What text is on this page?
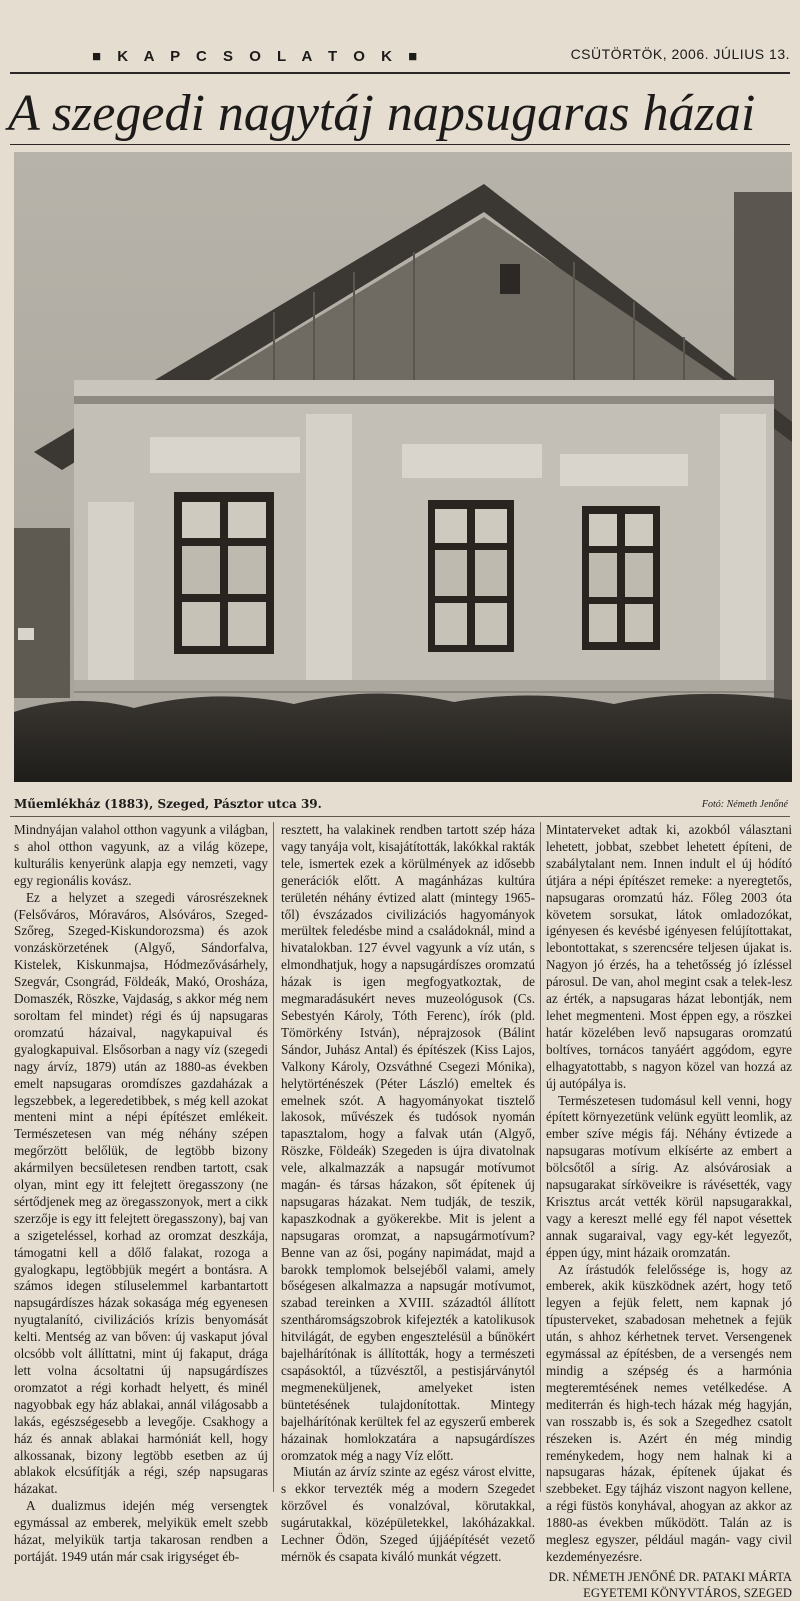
■ K A P C S O L A T O K ■	CSÜTÖRTÖK, 2006. JÚLIUS 13.
A szegedi nagytáj napsugaras házai
Műemlékház (1883), Szeged, Pásztor utca 39.	Fotó: Németh Jenőné

Mindnyájan valahol otthon vagyunk a világban, s ahol otthon vagyunk, az a világ közepe, kulturális kenyerünk alapja egy nemzeti, vagy egy regionális kovász.

Ez a helyzet a szegedi városrészeknek (Felsőváros, Móraváros, Alsóváros, Szeged-Szőreg, Szeged-Kiskundorozsma) és azok vonzáskörzetének (Algyő, Sándorfalva, Kistelek, Kiskunmajsa, Hódmezővásárhely, Szegvár, Csongrád, Földeák, Makó, Orosháza, Domaszék, Röszke, Vajdaság, s akkor még nem soroltam fel mindet) régi és új napsugaras oromzatú házaival, nagykapuival és gyalogkapuival. Elsősorban a nagy víz (szegedi nagy árvíz, 1879) után az 1880-as években emelt napsugaras oromdíszes gazdaházak a legszebbek, a legeredetibbek, s még kell azokat menteni mint a népi építészet emlékeit. Természetesen van még néhány szépen megőrzött belőlük, de legtöbb bizony akármilyen becsületesen rendben tartott, csak olyan, mint egy itt felejtett öregasszony (ne sértődjenek meg az öregasszonyok, mert a cikk szerzője is egy itt felejtett öregasszony), baj van a szigeteléssel, korhad az oromzat deszkája, támogatni kell a dőlő falakat, rozoga a gyalogkapu, legtöbbjük megért a bontásra. A számos idegen stíluselemmel karbantartott napsugárdíszes házak sokasága még egyenesen nyugtalanító, civilizációs krízis benyomását kelti. Mentség az van bőven: új vaskaput jóval olcsóbb volt állíttatni, mint új fakaput, drága lett volna ácsoltatni új napsugárdíszes oromzatot a régi korhadt helyett, és minél nagyobbak egy ház ablakai, annál világosabb a lakás, egészségesebb a levegője. Csakhogy a ház és annak ablakai harmóniát kell, hogy alkossanak, bizony legtöbb esetben az új ablakok elcsúfítják a régi, szép napsugaras házakat.

A dualizmus idején még versengtek egymással az emberek, melyikük emelt szebb házat, melyikük tartja takarosan rendben a portáját. 1949 után már csak irigységet éb-

resztett, ha valakinek rendben tartott szép háza vagy tanyája volt, kisajátították, lakókkal rakták tele, ismertek ezek a körülmények az idősebb generációk előtt. A magánházas kultúra területén néhány évtized alatt (mintegy 1965-től) évszázados civilizációs hagyományok merültek feledésbe mind a családoknál, mind a hivatalokban. 127 évvel vagyunk a víz után, s elmondhatjuk, hogy a napsugárdíszes oromzatú házak is igen megfogyatkoztak, de megmaradásukért neves muzeológusok (Cs. Sebestyén Károly, Tóth Ferenc), írók (pld. Tömörkény István), néprajzosok (Bálint Sándor, Juhász Antal) és építészek (Kiss Lajos, Valkony Károly, Ozsváthné Csegezi Mónika), helytörténészek (Péter László) emeltek és emelnek szót. A hagyományokat tisztelő lakosok, művészek és tudósok nyomán tapasztalom, hogy a falvak után (Algyő, Röszke, Földeák) Szegeden is újra divatolnak vele, alkalmazzák a napsugár motívumot magán- és társas házakon, sőt építenek új napsugaras házakat. Nem tudják, de teszik, kapaszkodnak a gyökerekbe. Mit is jelent a napsugaras oromzat, a napsugármotívum? Benne van az ősi, pogány napimádat, majd a barokk templomok belsejéből valami, amely bőségesen alkalmazza a napsugár motívumot, szabad tereinken a XVIII. századtól állított szentháromságszobrok kifejezték a katolikusok hitvilágát, de egyben engesztelésül a bűnökért bajelhárítónak is állították, hogy a természeti csapásoktól, a tűzvésztől, a pestisjárványtól megmeneküljenek, amelyeket isten büntetésének tulajdonítottak. Mintegy bajelhárítónak kerültek fel az egyszerű emberek házainak homlokzatára a napsugárdíszes oromzatok még a nagy Víz előtt.

Miután az árvíz szinte az egész várost elvitte, s ekkor tervezték még a modern Szegedet körzővel és vonalzóval, körutakkal, sugárutakkal, középületekkel, lakóházakkal. Lechner Ödön, Szeged újjáépítését vezető mérnök és csapata kiváló munkát végzett.

Mintaterveket adtak ki, azokból választani lehetett, jobbat, szebbet lehetett építeni, de szabálytalant nem. Innen indult el új hódító útjára a népi építészet remeke: a nyeregtetős, napsugaras oromzatú ház. Főleg 2003 óta követem sorsukat, látok omladozókat, igényesen és kevésbé igényesen felújítottakat, lebontottakat, s szerencsére teljesen újakat is. Nagyon jó érzés, ha a tehetősség jó ízléssel párosul. De van, ahol megint csak a telek-lesz az érték, a napsugaras házat lebontják, nem lehet megmenteni. Most éppen egy, a röszkei határ közelében levő napsugaras oromzatú boltíves, tornácos tanyáért aggódom, egyre elhagyatottabb, s nagyon közel van hozzá az új autópálya is.

Természetesen tudomásul kell venni, hogy épített környezetünk velünk együtt leomlik, az ember szíve mégis fáj. Néhány évtizede a napsugaras motívum elkísérte az embert a bölcsőtől a sírig. Az alsóvárosiak a napsugarakat sírköveikre is rávésették, vagy Krisztus arcát vették körül napsugarakkal, vagy a kereszt mellé egy fél napot vésettek annak sugaraival, vagy egy-két legyezőt, éppen úgy, mint házaik oromzatán.

Az írástudók felelőssége is, hogy az emberek, akik küszködnek azért, hogy tető legyen a fejük felett, nem kapnak jó típusterveket, szabadosan mehetnek a fejük után, s ahhoz kérhetnek tervet. Versengenek egymással az építésben, de a versengés nem mindig a szépség és a harmónia megteremtésének nemes vetélkedése. A mediterrán és high-tech házak még hagyján, van rosszabb is, és sok a Szegedhez csatolt részeken is. Azért én még mindig reménykedem, hogy nem halnak ki a napsugaras házak, építenek újakat és szebbeket. Egy tájház viszont nagyon kellene, a régi füstös konyhával, ahogyan az akkor az 1880-as években működött. Talán az is meglesz egyszer, például magán- vagy civil kezdeményezésre.

DR. NÉMETH JENŐNÉ DR. PATAKI MÁRTA
EGYETEMI KÖNYVTÁROS, SZEGED
